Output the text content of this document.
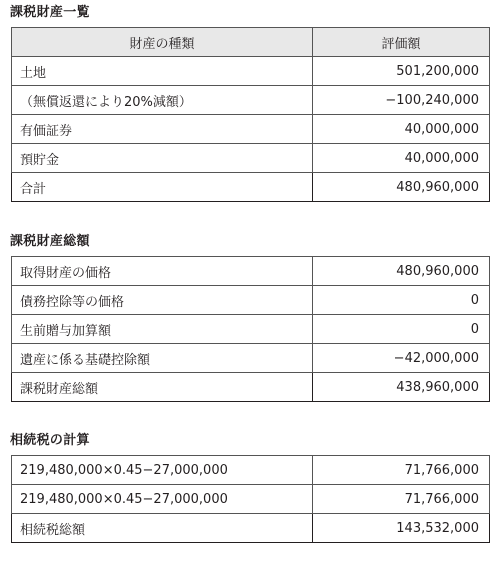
課税財産一覧
財産の種類	評価額
土地	501,200,000
（無償返還により20%減額）	−100,240,000
有価証券	40,000,000
預貯金	40,000,000
合計	480,960,000
課税財産総額
取得財産の価格	480,960,000
債務控除等の価格	0
生前贈与加算額	0
遺産に係る基礎控除額	−42,000,000
課税財産総額	438,960,000
相続税の計算
219,480,000×0.45−27,000,000	71,766,000
219,480,000×0.45−27,000,000	71,766,000
相続税総額	143,532,000
